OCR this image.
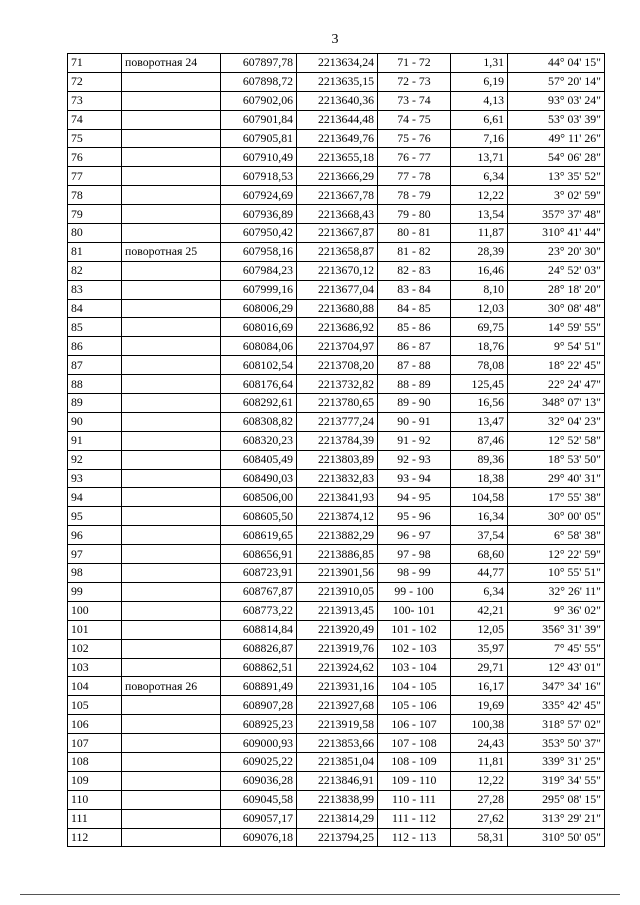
3
71	поворотная 24	607897,78	2213634,24	71 - 72	1,31	44° 04' 15"
72		607898,72	2213635,15	72 - 73	6,19	57° 20' 14"
73		607902,06	2213640,36	73 - 74	4,13	93° 03' 24"
74		607901,84	2213644,48	74 - 75	6,61	53° 03' 39"
75		607905,81	2213649,76	75 - 76	7,16	49° 11' 26"
76		607910,49	2213655,18	76 - 77	13,71	54° 06' 28"
77		607918,53	2213666,29	77 - 78	6,34	13° 35' 52"
78		607924,69	2213667,78	78 - 79	12,22	3° 02' 59"
79		607936,89	2213668,43	79 - 80	13,54	357° 37' 48"
80		607950,42	2213667,87	80 - 81	11,87	310° 41' 44"
81	поворотная 25	607958,16	2213658,87	81 - 82	28,39	23° 20' 30"
82		607984,23	2213670,12	82 - 83	16,46	24° 52' 03"
83		607999,16	2213677,04	83 - 84	8,10	28° 18' 20"
84		608006,29	2213680,88	84 - 85	12,03	30° 08' 48"
85		608016,69	2213686,92	85 - 86	69,75	14° 59' 55"
86		608084,06	2213704,97	86 - 87	18,76	9° 54' 51"
87		608102,54	2213708,20	87 - 88	78,08	18° 22' 45"
88		608176,64	2213732,82	88 - 89	125,45	22° 24' 47"
89		608292,61	2213780,65	89 - 90	16,56	348° 07' 13"
90		608308,82	2213777,24	90 - 91	13,47	32° 04' 23"
91		608320,23	2213784,39	91 - 92	87,46	12° 52' 58"
92		608405,49	2213803,89	92 - 93	89,36	18° 53' 50"
93		608490,03	2213832,83	93 - 94	18,38	29° 40' 31"
94		608506,00	2213841,93	94 - 95	104,58	17° 55' 38"
95		608605,50	2213874,12	95 - 96	16,34	30° 00' 05"
96		608619,65	2213882,29	96 - 97	37,54	6° 58' 38"
97		608656,91	2213886,85	97 - 98	68,60	12° 22' 59"
98		608723,91	2213901,56	98 - 99	44,77	10° 55' 51"
99		608767,87	2213910,05	99 - 100	6,34	32° 26' 11"
100		608773,22	2213913,45	100- 101	42,21	9° 36' 02"
101		608814,84	2213920,49	101 - 102	12,05	356° 31' 39"
102		608826,87	2213919,76	102 - 103	35,97	7° 45' 55"
103		608862,51	2213924,62	103 - 104	29,71	12° 43' 01"
104	поворотная 26	608891,49	2213931,16	104 - 105	16,17	347° 34' 16"
105		608907,28	2213927,68	105 - 106	19,69	335° 42' 45"
106		608925,23	2213919,58	106 - 107	100,38	318° 57' 02"
107		609000,93	2213853,66	107 - 108	24,43	353° 50' 37"
108		609025,22	2213851,04	108 - 109	11,81	339° 31' 25"
109		609036,28	2213846,91	109 - 110	12,22	319° 34' 55"
110		609045,58	2213838,99	110 - 111	27,28	295° 08' 15"
111		609057,17	2213814,29	111 - 112	27,62	313° 29' 21"
112		609076,18	2213794,25	112 - 113	58,31	310° 50' 05"
